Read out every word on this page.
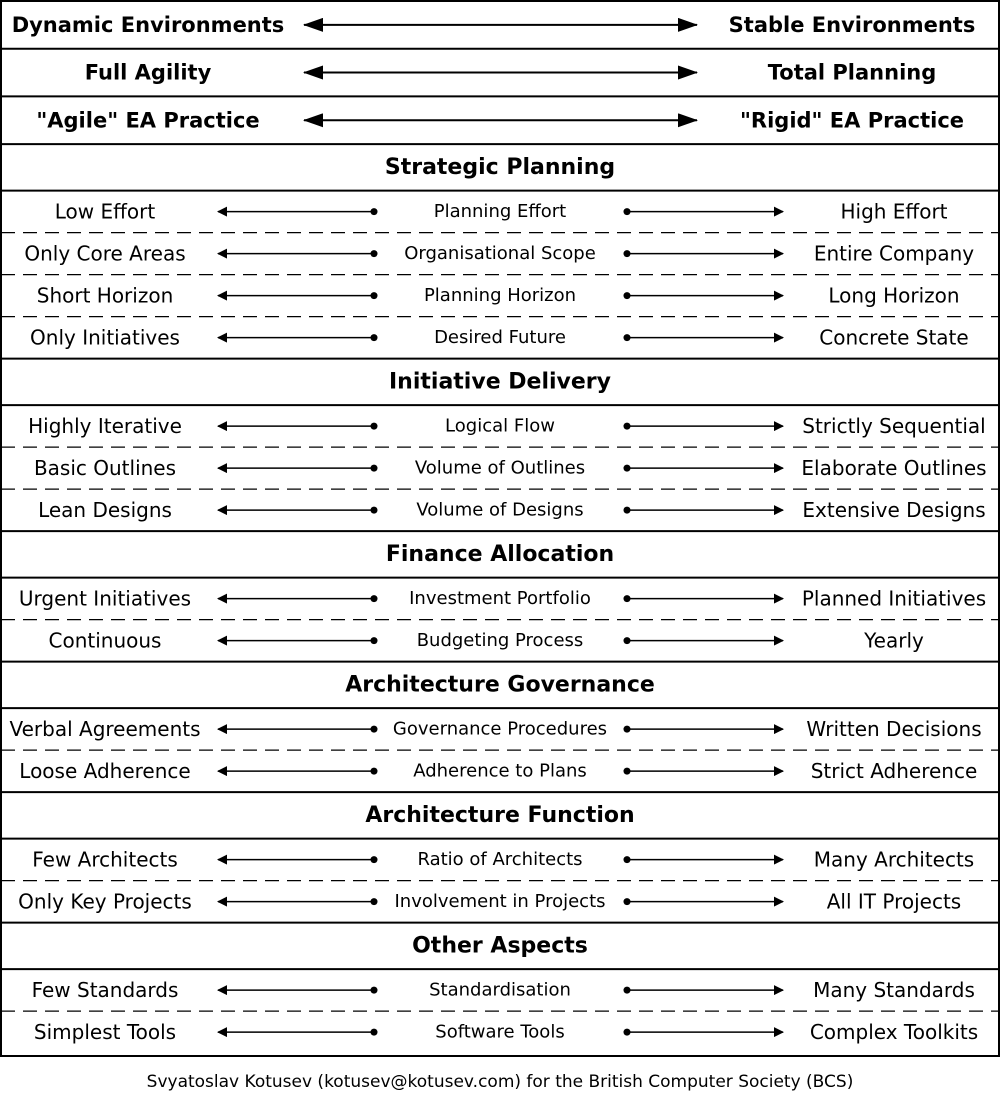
Dynamic Environments	Stable Environments
Full Agility	Total Planning
"Agile" EA Practice	"Rigid" EA Practice
Strategic Planning
Low Effort	Planning Effort	High Effort
Only Core Areas	Organisational Scope	Entire Company
Short Horizon	Planning Horizon	Long Horizon
Only Initiatives	Desired Future	Concrete State
Initiative Delivery
Highly Iterative	Logical Flow	Strictly Sequential
Basic Outlines	Volume of Outlines	Elaborate Outlines
Lean Designs	Volume of Designs	Extensive Designs
Finance Allocation
Urgent Initiatives	Investment Portfolio	Planned Initiatives
Continuous	Budgeting Process	Yearly
Architecture Governance
Verbal Agreements	Governance Procedures	Written Decisions
Loose Adherence	Adherence to Plans	Strict Adherence
Architecture Function
Few Architects	Ratio of Architects	Many Architects
Only Key Projects	Involvement in Projects	All IT Projects
Other Aspects
Few Standards	Standardisation	Many Standards
Simplest Tools	Software Tools	Complex Toolkits
Svyatoslav Kotusev (kotusev@kotusev.com) for the British Computer Society (BCS)
